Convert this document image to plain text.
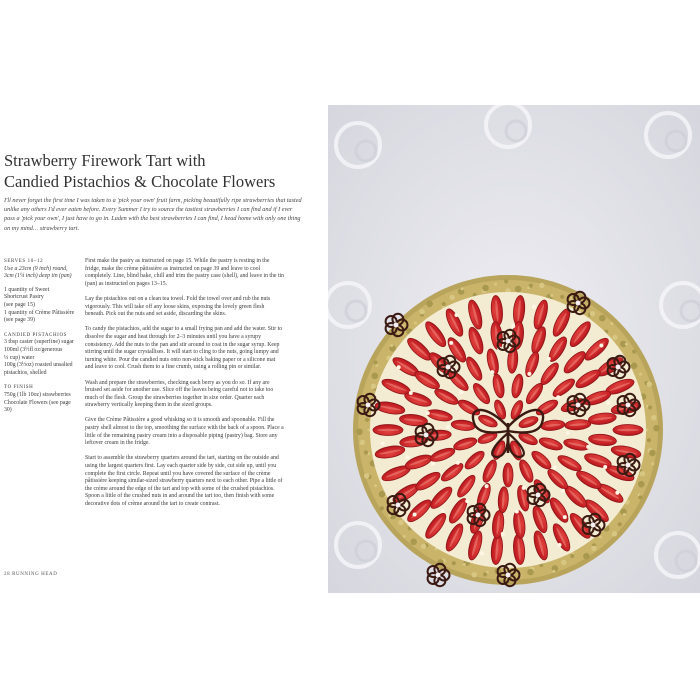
Strawberry Firework Tart with
Candied Pistachios & Chocolate Flowers

I'll never forget the first time I was taken to a 'pick your own' fruit farm, picking beautifully ripe strawberries that tasted unlike any others I'd ever eaten before. Every Summer I try to source the tastiest strawberries I can find and if I ever pass a 'pick your own', I just have to go in. Laden with the best strawberries I can find, I head home with only one thing on my mind… strawberry tart.

SERVES 10–12
Use a 23cm (9 inch) round,
3cm (1¼ inch) deep tin (pan)
1 quantity of Sweet
Shortcrust Pastry
(see page 15)
1 quantity of Crème Pâtissière
(see page 39)
CANDIED PISTACHIOS
3 tbsp caster (superfine) sugar
100ml (3½fl oz/generous
⅓ cup) water
100g (3½oz) roasted unsalted
pistachios, shelled
TO FINISH
750g (1lb 10oz) strawberries
Chocolate Flowers (see page
30)

First make the pastry as instructed on page 15. While the pastry is resting in the fridge, make the crème pâtissière as instructed on page 39 and leave to cool completely. Line, blind bake, chill and trim the pastry case (shell), and leave in the tin (pan) as instructed on pages 13–15.

Lay the pistachios out on a clean tea towel. Fold the towel over and rub the nuts vigorously. This will take off any loose skins, exposing the lovely green flesh beneath. Pick out the nuts and set aside, discarding the skins.

To candy the pistachios, add the sugar to a small frying pan and add the water. Stir to dissolve the sugar and heat through for 2–3 minutes until you have a syrupy consistency. Add the nuts to the pan and stir around to coat in the sugar syrup. Keep stirring until the sugar crystallises. It will start to cling to the nuts, going lumpy and turning white. Pour the candied nuts onto non-stick baking paper or a silicone mat and leave to cool. Crush them to a fine crumb, using a rolling pin or similar.

Wash and prepare the strawberries, checking each berry as you do so. If any are bruised set aside for another use. Slice off the leaves being careful not to take too much of the flesh. Group the strawberries together in size order. Quarter each strawberry vertically keeping them in the sized groups.

Give the Crème Pâtissière a good whisking so it is smooth and spoonable. Fill the pastry shell almost to the top, smoothing the surface with the back of a spoon. Place a little of the remaining pastry cream into a disposable piping (pastry) bag. Store any leftover cream in the fridge.

Start to assemble the strawberry quarters around the tart, starting on the outside and using the largest quarters first. Lay each quarter side by side, cut side up, until you complete the first circle. Repeat until you have covered the surface of the crème pâtissière keeping similar-sized strawberry quarters next to each other. Pipe a little of the crème around the edge of the tart and top with some of the crushed pistachios. Spoon a little of the crushed nuts in and around the tart too, then finish with some decorative dots of crème around the tart to create contrast.

28 RUNNING HEAD
